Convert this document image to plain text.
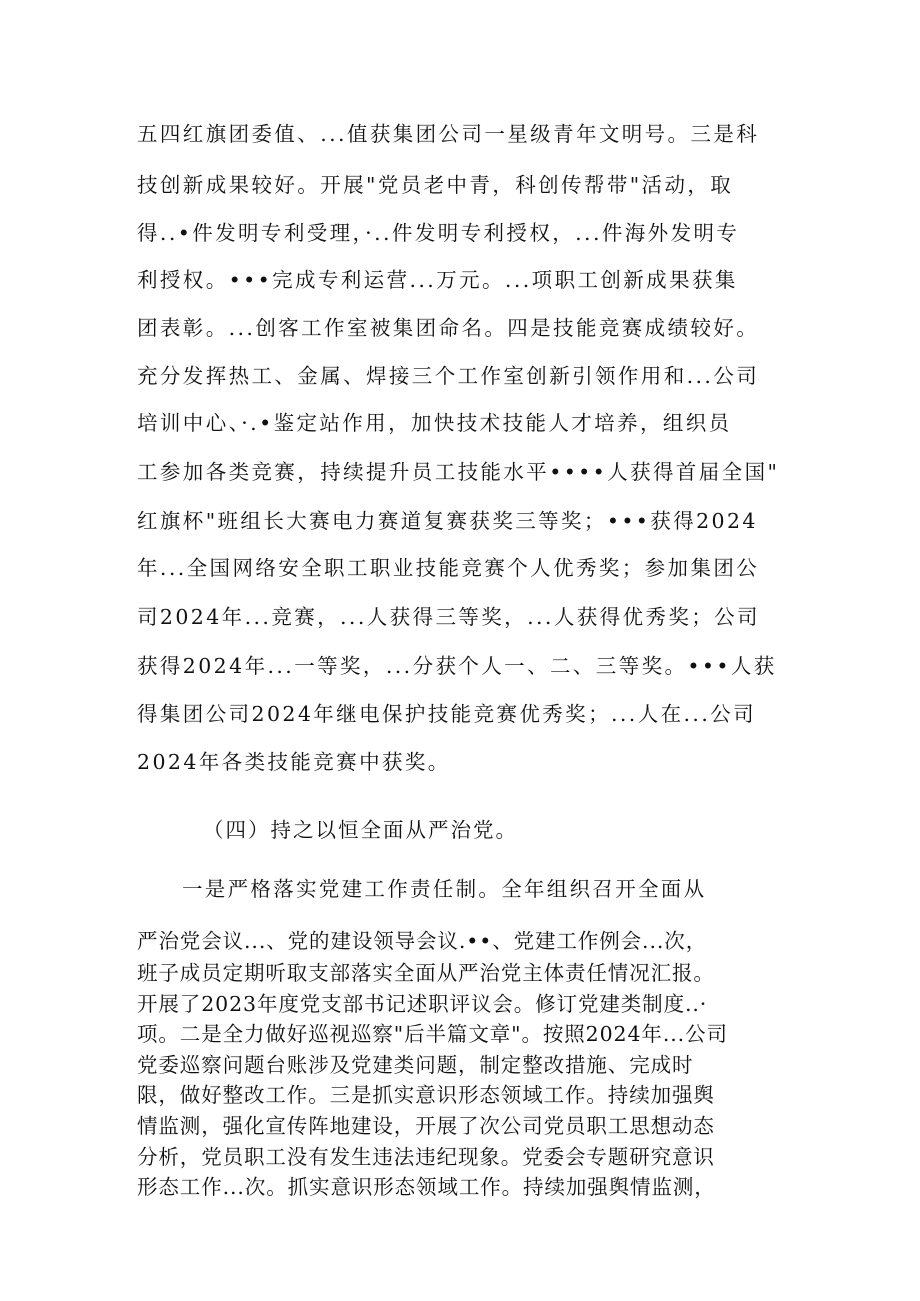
五四红旗团委值、...值获集团公司一星级青年文明号。三是科
技创新成果较好。开展"党员老中青，科创传帮带"活动，取
得..•件发明专利受理，·..件发明专利授权，...件海外发明专
利授权。•••完成专利运营...万元。...项职工创新成果获集
团表彰。...创客工作室被集团命名。四是技能竞赛成绩较好。
充分发挥热工、金属、焊接三个工作室创新引领作用和...公司
培训中心、·.•鉴定站作用，加快技术技能人才培养，组织员
工参加各类竞赛，持续提升员工技能水平••••人获得首届全国"
红旗杯"班组长大赛电力赛道复赛获奖三等奖；•••获得2024
年...全国网络安全职工职业技能竞赛个人优秀奖；参加集团公
司2024年...竞赛，...人获得三等奖，...人获得优秀奖；公司
获得2024年...一等奖，...分获个人一、二、三等奖。•••人获
得集团公司2024年继电保护技能竞赛优秀奖；...人在...公司
2024年各类技能竞赛中获奖。
（四）持之以恒全面从严治党。
一是严格落实党建工作责任制。全年组织召开全面从
严治党会议...、党的建设领导会议.••、党建工作例会...次，
班子成员定期听取支部落实全面从严治党主体责任情况汇报。
开展了2023年度党支部书记述职评议会。修订党建类制度..·
项。二是全力做好巡视巡察"后半篇文章"。按照2024年...公司
党委巡察问题台账涉及党建类问题，制定整改措施、完成时
限，做好整改工作。三是抓实意识形态领域工作。持续加强舆
情监测，强化宣传阵地建设，开展了次公司党员职工思想动态
分析，党员职工没有发生违法违纪现象。党委会专题研究意识
形态工作...次。抓实意识形态领域工作。持续加强舆情监测，
